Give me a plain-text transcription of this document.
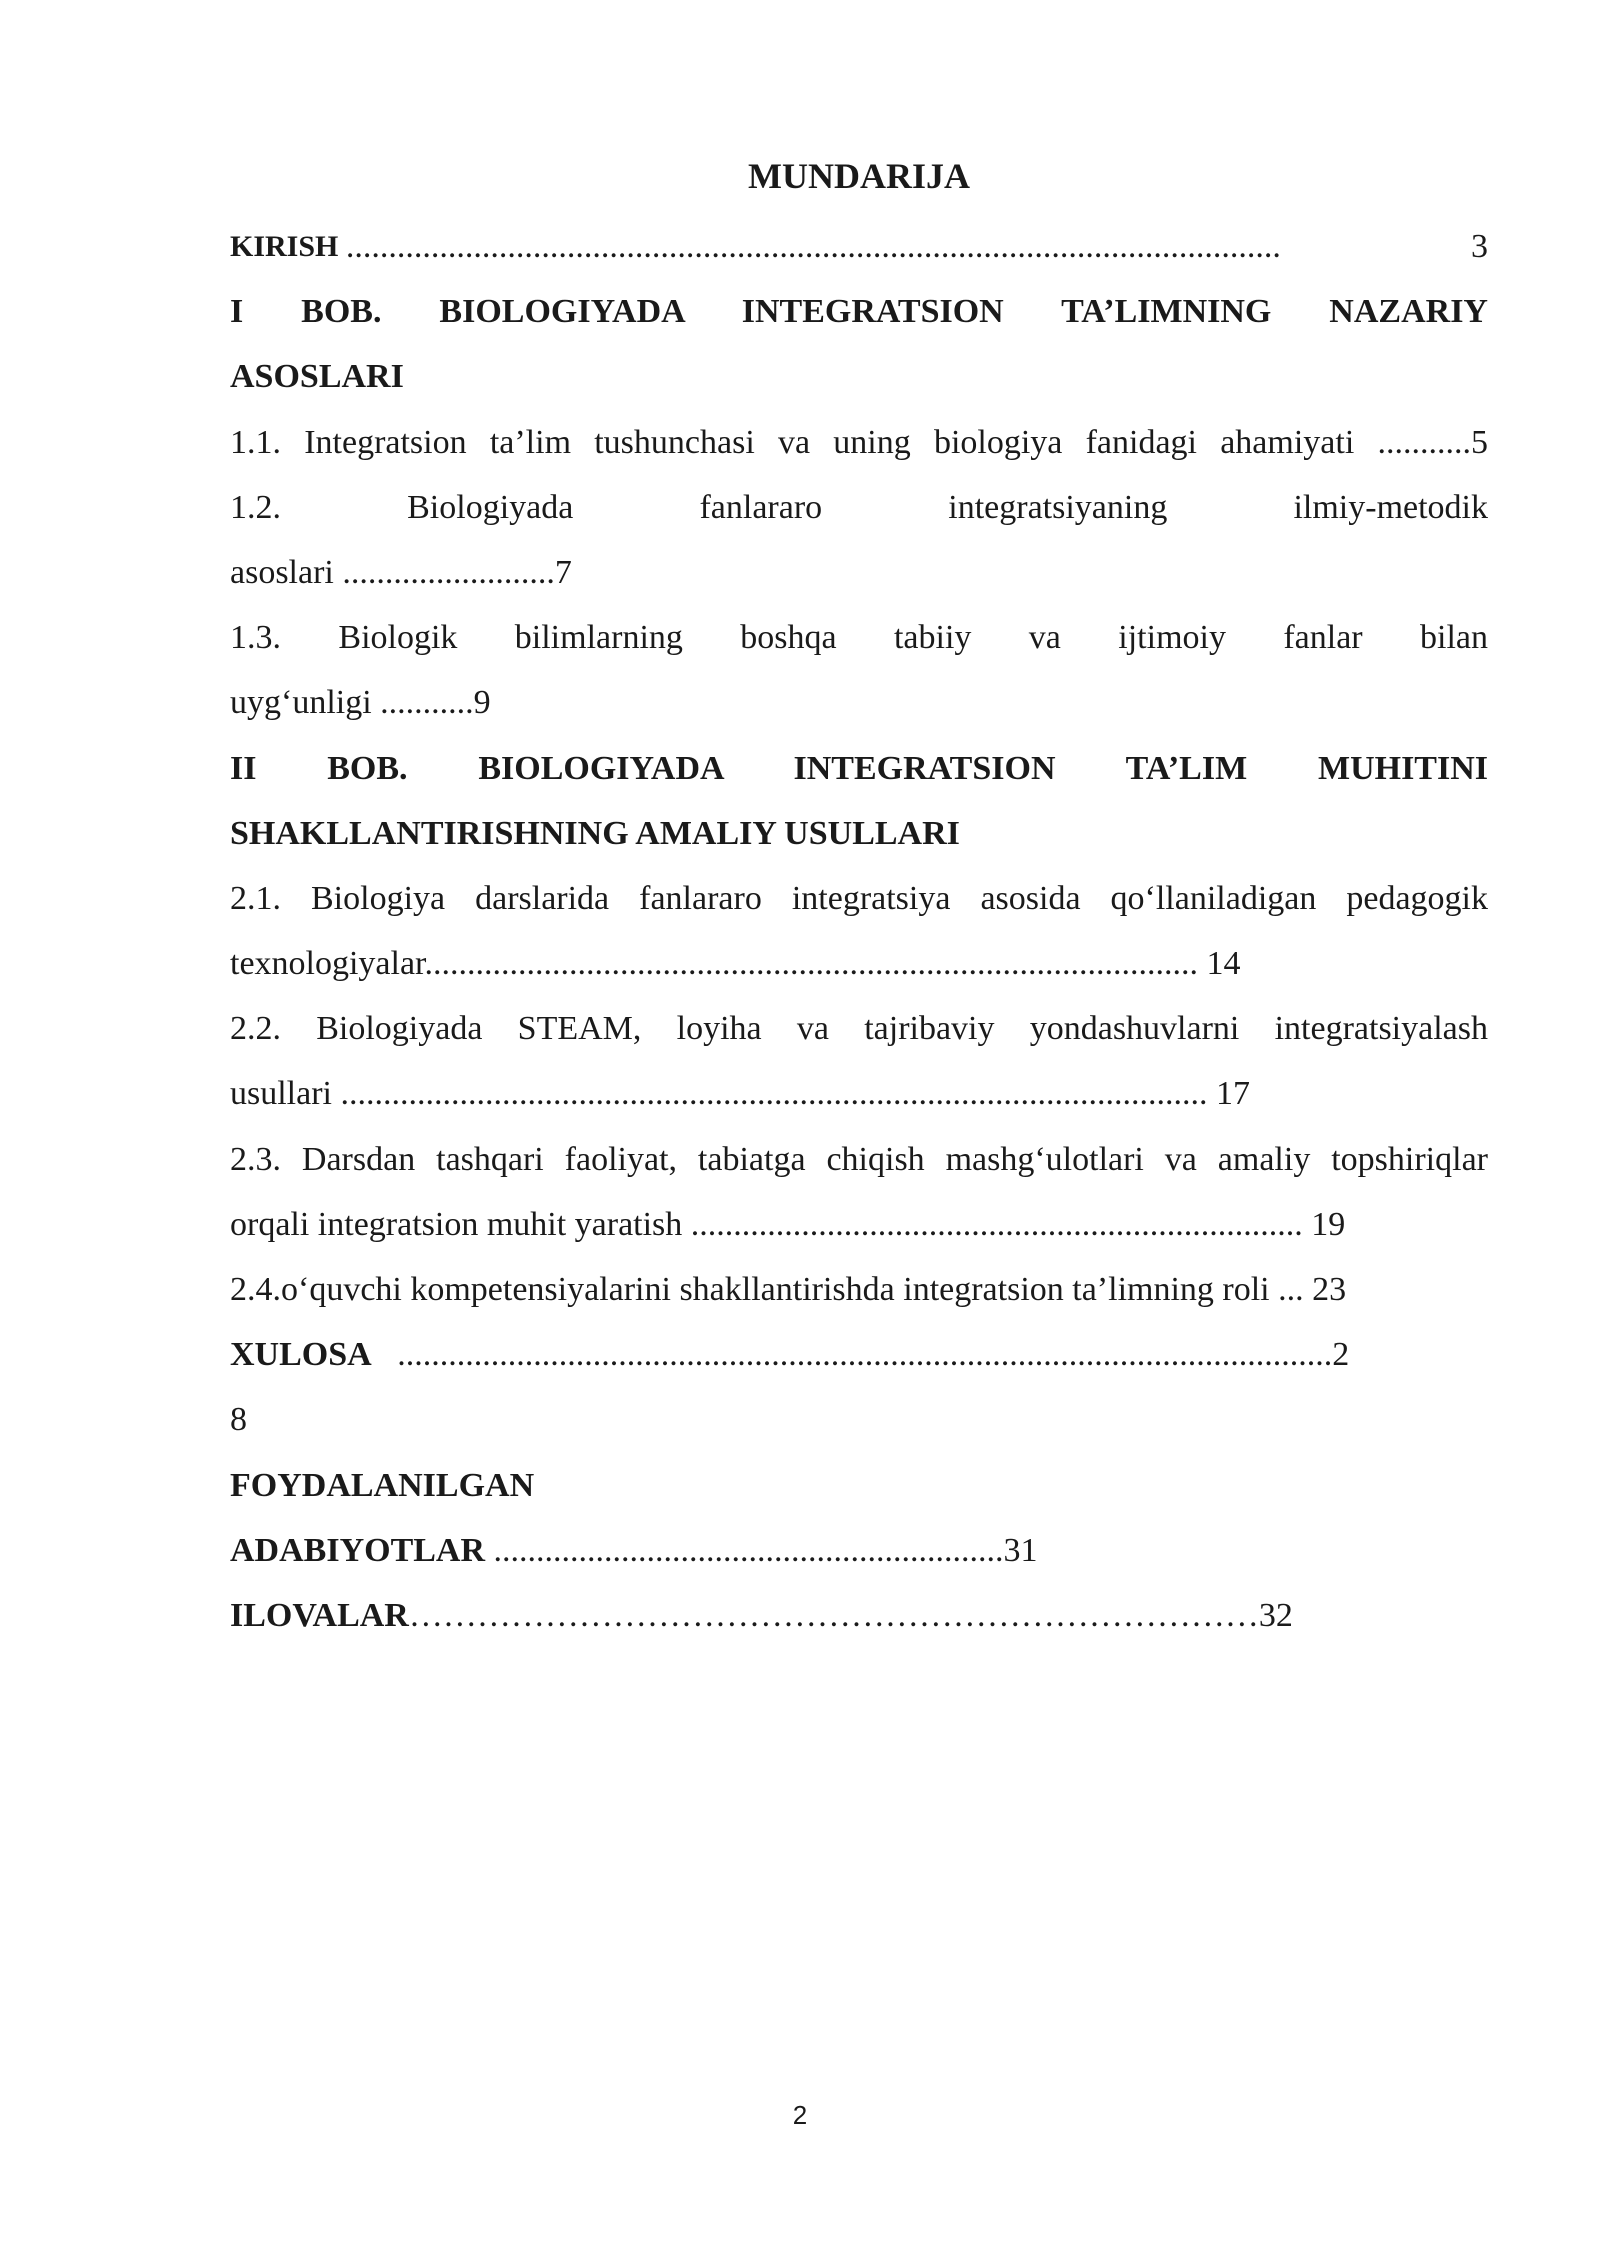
MUNDARIJA
KIRISH ..............................................................................................................	3
I BOB. BIOLOGIYADA INTEGRATSION TA’LIMNING NAZARIY
ASOSLARI
1.1. Integratsion ta’lim tushunchasi va uning biologiya fanidagi ahamiyati ...........5
1.2. Biologiyada fanlararo integratsiyaning ilmiy-metodik
asoslari .........................7
1.3. Biologik bilimlarning boshqa tabiiy va ijtimoiy fanlar bilan
uyg‘unligi ...........9
II BOB. BIOLOGIYADA INTEGRATSION TA’LIM MUHITINI
SHAKLLANTIRISHNING AMALIY USULLARI
2.1. Biologiya darslarida fanlararo integratsiya asosida qo‘llaniladigan pedagogik
texnologiyalar........................................................................................... 14
2.2. Biologiyada STEAM, loyiha va tajribaviy yondashuvlarni integratsiyalash
usullari ...................................................................................................... 17
2.3. Darsdan tashqari faoliyat, tabiatga chiqish mashg‘ulotlari va amaliy topshiriqlar
orqali integratsion muhit yaratish ........................................................................ 19
2.4.o‘quvchi kompetensiyalarini shakllantirishda integratsion ta’limning roli ... 23
XULOSA ..............................................................................................................2
8
FOYDALANILGAN
ADABIYOTLAR ............................................................31
ILOVALAR…………………………………………………………………32
2
